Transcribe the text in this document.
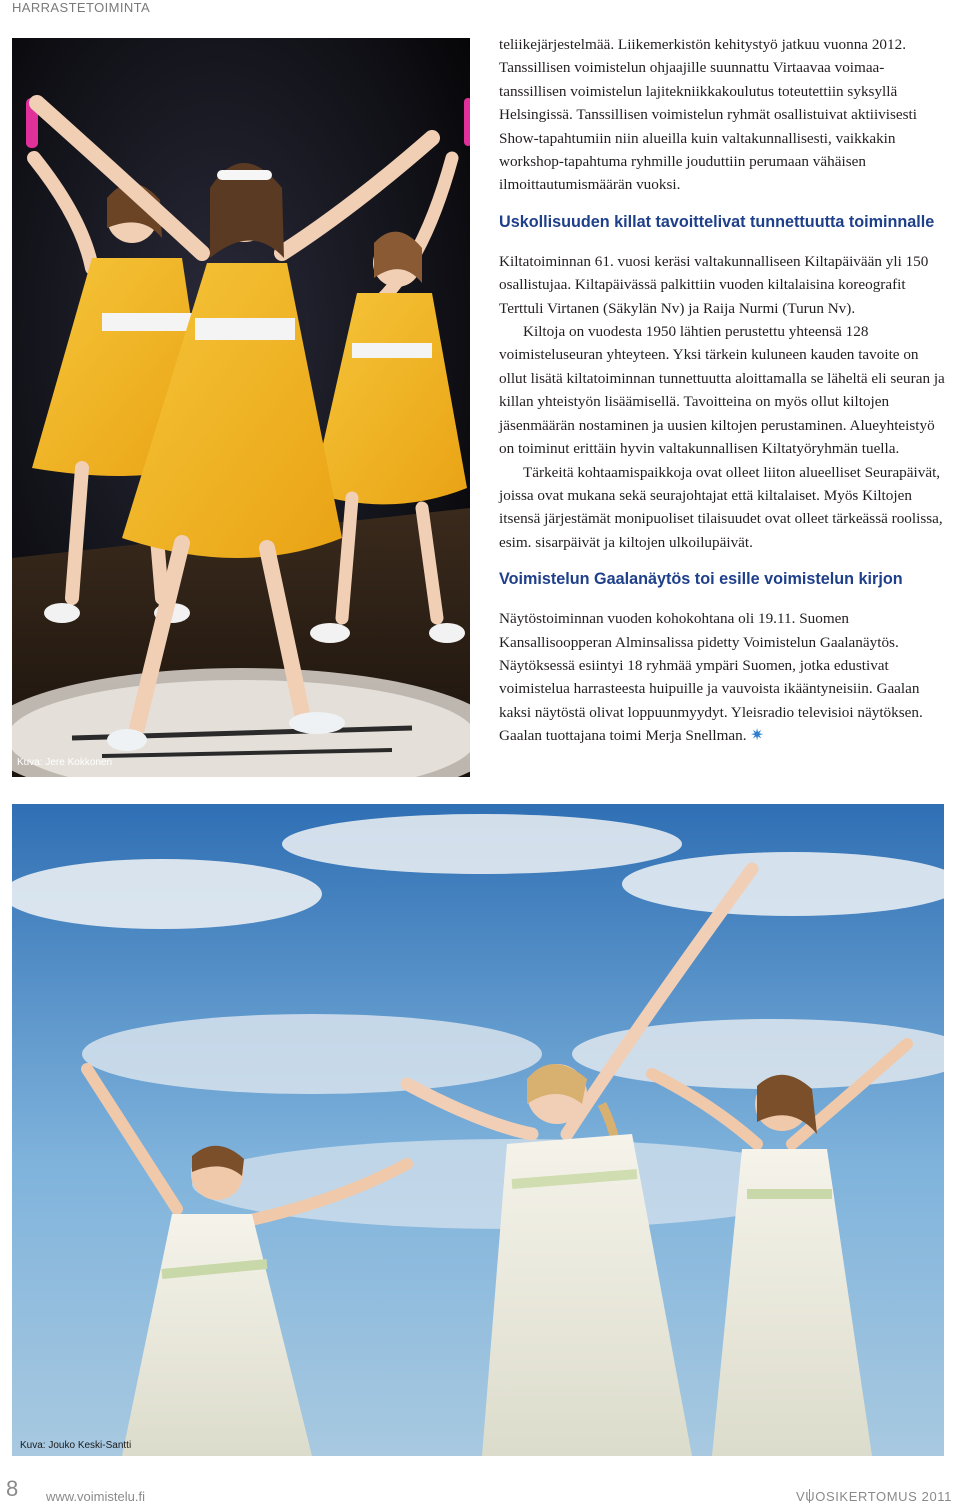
HARRASTETOIMINTA
Kuva: Jere Kokkonen

teliikejärjestelmää. Liikemerkistön kehitystyö jatkuu vuonna 2012. Tanssillisen voimistelun ohjaajille suunnattu Virtaavaa voimaa-tanssillisen voimistelun lajitekniikkakoulutus toteutettiin syksyllä Helsingissä. Tanssillisen voimistelun ryhmät osallistuivat aktiivisesti Show-tapahtumiin niin alueilla kuin valtakunnallisesti, vaikkakin workshop-tapahtuma ryhmille jouduttiin perumaan vähäisen ilmoittautumismäärän vuoksi.

Uskollisuuden killat tavoittelivat tunnettuutta toiminnalle

Kiltatoiminnan 61. vuosi keräsi valtakunnalliseen Kiltapäivään yli 150 osallistujaa. Kiltapäivässä palkittiin vuoden kiltalaisina koreografit Terttuli Virtanen (Säkylän Nv) ja Raija Nurmi (Turun Nv).

Kiltoja on vuodesta 1950 lähtien perustettu yhteensä 128 voimisteluseuran yhteyteen. Yksi tärkein kuluneen kauden tavoite on ollut lisätä kiltatoiminnan tunnettuutta aloittamalla se läheltä eli seuran ja killan yhteistyön lisäämisellä. Tavoitteina on myös ollut kiltojen jäsenmäärän nostaminen ja uusien kiltojen perustaminen. Alueyhteistyö on toiminut erittäin hyvin valtakunnallisen Kiltatyöryhmän tuella.

Tärkeitä kohtaamispaikkoja ovat olleet liiton alueelliset Seurapäivät, joissa ovat mukana sekä seurajohtajat että kiltalaiset. Myös Kiltojen itsensä järjestämät monipuoliset tilaisuudet ovat olleet tärkeässä roolissa, esim. sisarpäivät ja kiltojen ulkoilupäivät.

Voimistelun Gaalanäytös toi esille voimistelun kirjon

Näytöstoiminnan vuoden kohokohtana oli 19.11. Suomen Kansallisoopperan Alminsalissa pidetty Voimistelun Gaalanäytös. Näytöksessä esiintyi 18 ryhmää ympäri Suomen, jotka edustivat voimistelua harrasteesta huipuille ja vauvoista ikääntyneisiin. Gaalan kaksi näytöstä olivat loppuunmyydyt. Yleisradio televisioi näytöksen. Gaalan tuottajana toimi Merja Snellman. ✷

Kuva: Jouko Keski-Santti
8 www.voimistelu.fi	VUOSIKERTOMUS 2011
